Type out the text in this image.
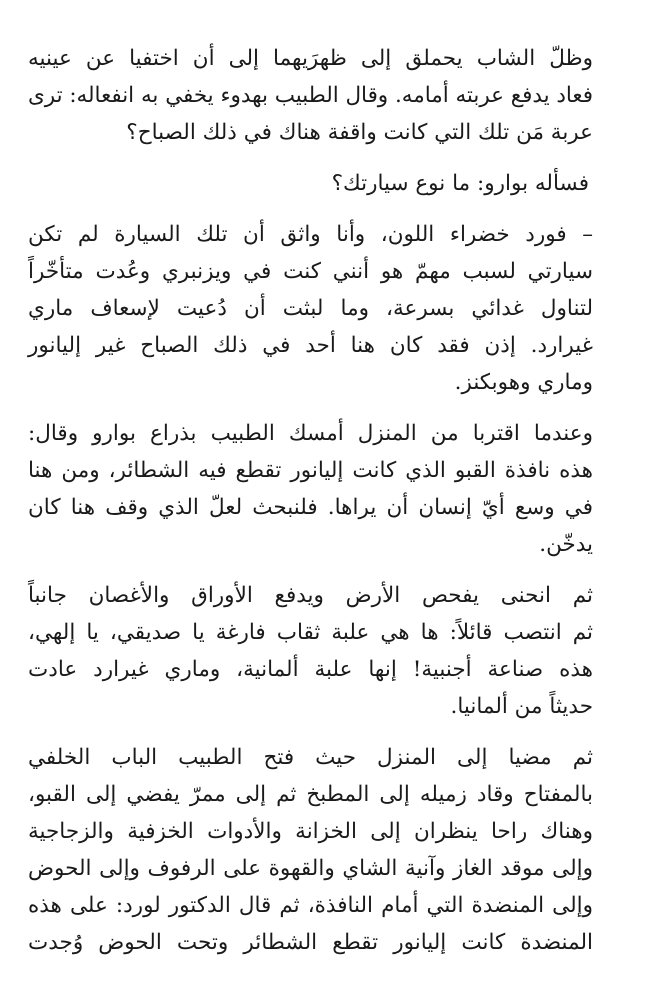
وظلّ الشاب يحملق إلى ظهرَيهما إلى أن اختفيا عن عينيه
فعاد يدفع عربته أمامه. وقال الطبيب بهدوء يخفي به انفعاله: ترى
عربة مَن تلك التي كانت واقفة هناك في ذلك الصباح؟
فسأله بوارو: ما نوع سيارتك؟
– فورد خضراء اللون، وأنا واثق أن تلك السيارة لم تكن
سيارتي لسبب مهمّ هو أنني كنت في ويزنبري وعُدت متأخّراً
لتناول غدائي بسرعة، وما لبثت أن دُعيت لإسعاف ماري
غيرارد. إذن فقد كان هنا أحد في ذلك الصباح غير إليانور
وماري وهوبكنز.
وعندما اقتربا من المنزل أمسك الطبيب بذراع بوارو وقال:
هذه نافذة القبو الذي كانت إليانور تقطع فيه الشطائر، ومن هنا
في وسع أيّ إنسان أن يراها. فلنبحث لعلّ الذي وقف هنا كان
يدخّن.
ثم انحنى يفحص الأرض ويدفع الأوراق والأغصان جانباً
ثم انتصب قائلاً: ها هي علبة ثقاب فارغة يا صديقي، يا إلهي،
هذه صناعة أجنبية! إنها علبة ألمانية، وماري غيرارد عادت
حديثاً من ألمانيا.
ثم مضيا إلى المنزل حيث فتح الطبيب الباب الخلفي
بالمفتاح وقاد زميله إلى المطبخ ثم إلى ممرّ يفضي إلى القبو،
وهناك راحا ينظران إلى الخزانة والأدوات الخزفية والزجاجية
وإلى موقد الغاز وآنية الشاي والقهوة على الرفوف وإلى الحوض
وإلى المنضدة التي أمام النافذة، ثم قال الدكتور لورد: على هذه
المنضدة كانت إليانور تقطع الشطائر وتحت الحوض وُجدت
